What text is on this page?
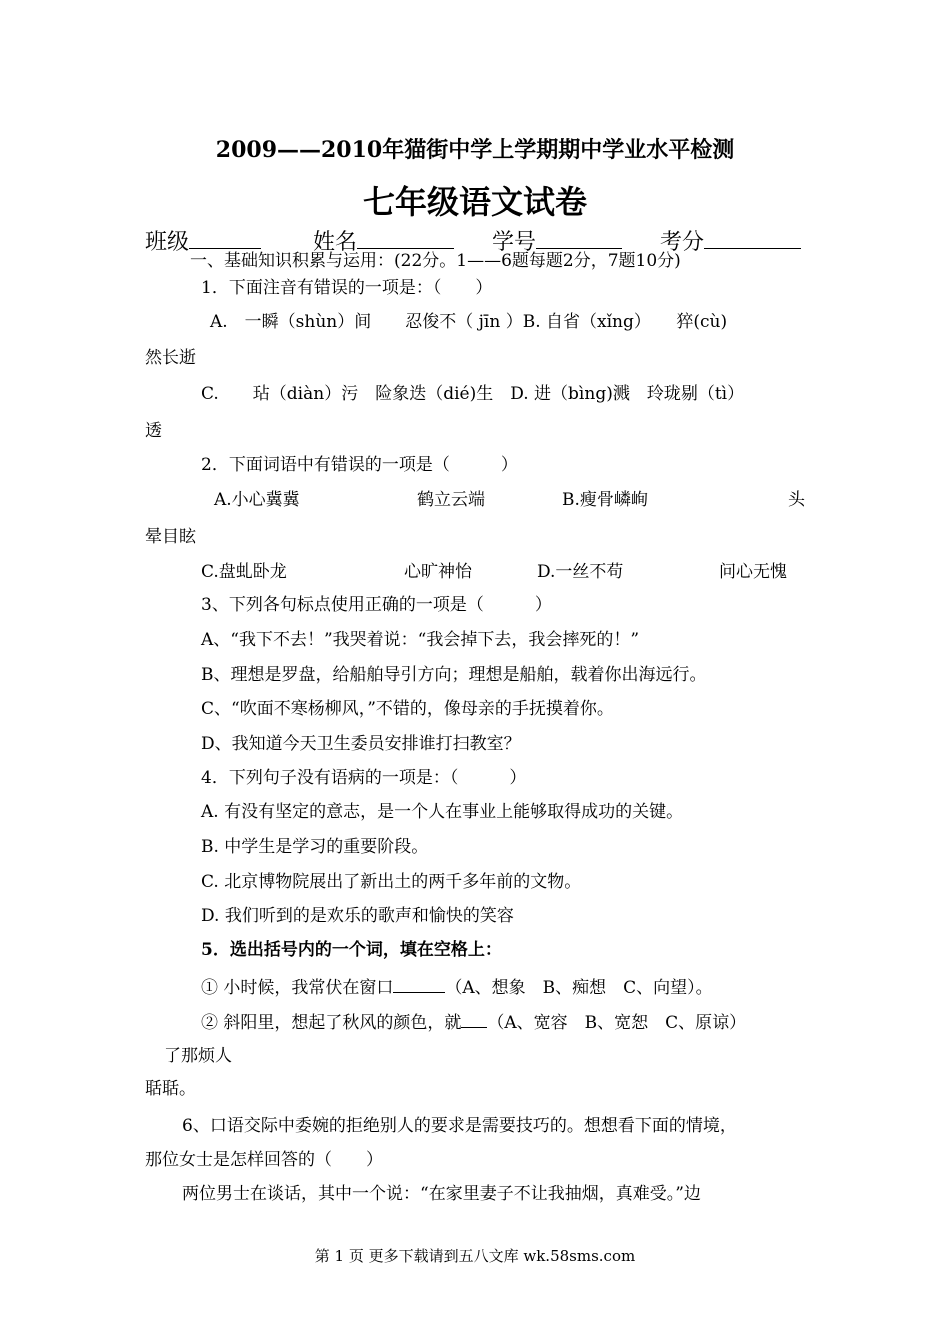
2009——2010年猫街中学上学期期中学业水平检测
七年级语文试卷
班级	姓名	学号	考分
一、基础知识积累与运用：(22分。1——6题每题2分，7题10分)
1．下面注音有错误的一项是：（　　）
A.　一瞬（shùn）间　　忍俊不（ jīn ）B. 自省（xǐng）　　猝(cù)
然长逝
C.　　玷（diàn）污　险象迭（dié)生　D. 进（bìng)溅　玲珑剔（tì）
透
2．下面词语中有错误的一项是（　　　）
A.小心冀冀	鹤立云端	B.瘦骨嶙峋	头
晕目眩
C.盘虬卧龙	心旷神怡	D.一丝不苟	问心无愧
3、下列各句标点使用正确的一项是（　　　）
A、“我下不去！”我哭着说：“我会掉下去，我会摔死的！”
B、理想是罗盘，给船舶导引方向；理想是船舶，载着你出海远行。
C、“吹面不寒杨柳风，”不错的，像母亲的手抚摸着你。
D、我知道今天卫生委员安排谁打扫教室？
4．下列句子没有语病的一项是：（　　　）
A. 有没有坚定的意志，是一个人在事业上能够取得成功的关键。
B. 中学生是学习的重要阶段。
C. 北京博物院展出了新出土的两千多年前的文物。
D. 我们听到的是欢乐的歌声和愉快的笑容
5．选出括号内的一个词，填在空格上：
① 小时候，我常伏在窗口	（A、想象　B、痴想　C、向望）。
② 斜阳里，想起了秋风的颜色，就 （A、宽容　B、宽恕　C、原谅）
了那烦人
聒聒。
6、口语交际中委婉的拒绝别人的要求是需要技巧的。想想看下面的情境，
那位女士是怎样回答的（　　）
两位男士在谈话，其中一个说：“在家里妻子不让我抽烟，真难受。”边
第 1 页 更多下载请到五八文库 wk.58sms.com
